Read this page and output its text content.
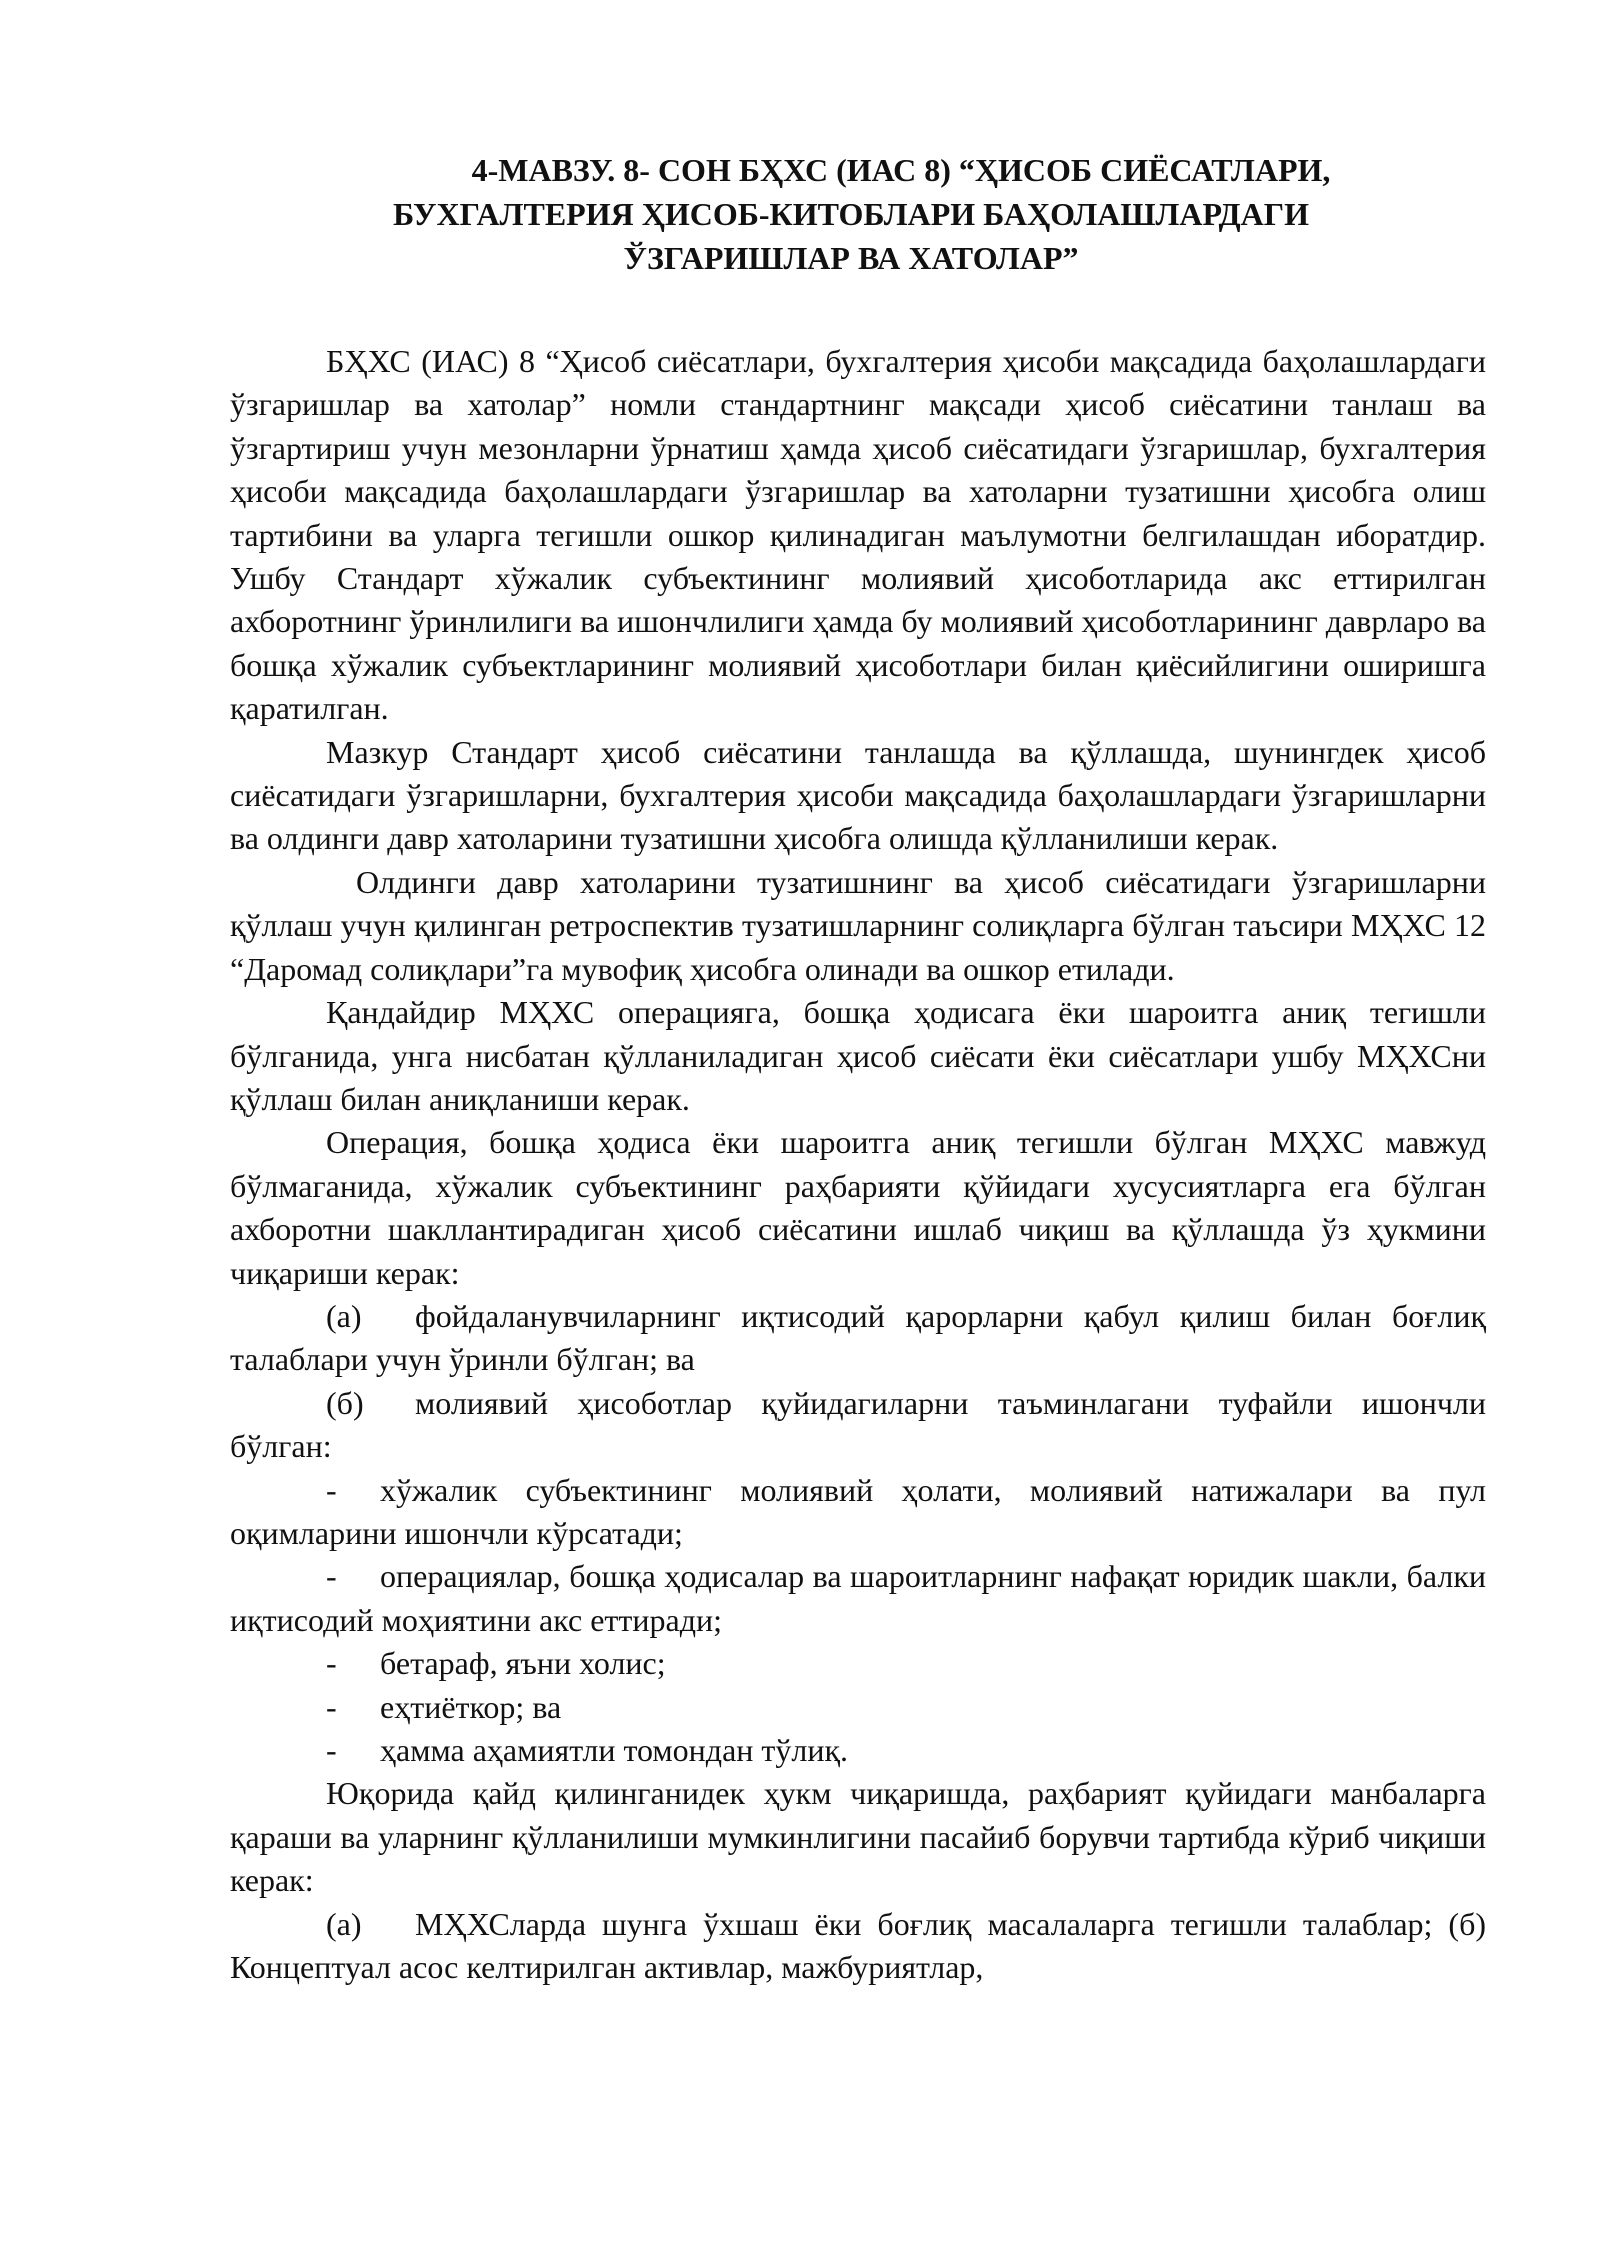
4-МАВЗУ. 8- СОН БҲХС (ИАС 8) “ҲИСОБ СИЁСАТЛАРИ,
БУХГАЛТЕРИЯ ҲИСОБ-КИТОБЛАРИ БАҲОЛАШЛАРДАГИ
ЎЗГАРИШЛАР ВА ХАТОЛАР”

БҲХС (ИАС) 8 “Ҳисоб сиёсатлари, бухгалтерия ҳисоби мақсадида баҳолашлардаги ўзгаришлар ва хатолар” номли стандартнинг мақсади ҳисоб сиёсатини танлаш ва ўзгартириш учун мезонларни ўрнатиш ҳамда ҳисоб сиёсатидаги ўзгаришлар, бухгалтерия ҳисоби мақсадида баҳолашлардаги ўзгаришлар ва хатоларни тузатишни ҳисобга олиш тартибини ва уларга тегишли ошкор қилинадиган маълумотни белгилашдан иборатдир. Ушбу Стандарт хўжалик субъектининг молиявий ҳисоботларида акс еттирилган ахборотнинг ўринлилиги ва ишончлилиги ҳамда бу молиявий ҳисоботларининг даврларо ва бошқа хўжалик субъектларининг молиявий ҳисоботлари билан қиёсийлигини оширишга қаратилган.

Мазкур Стандарт ҳисоб сиёсатини танлашда ва қўллашда, шунингдек ҳисоб сиёсатидаги ўзгаришларни, бухгалтерия ҳисоби мақсадида баҳолашлардаги ўзгаришларни ва олдинги давр хатоларини тузатишни ҳисобга олишда қўлланилиши керак.

Олдинги давр хатоларини тузатишнинг ва ҳисоб сиёсатидаги ўзгаришларни қўллаш учун қилинган ретроспектив тузатишларнинг солиқларга бўлган таъсири МҲХС 12 “Даромад солиқлари”га мувофиқ ҳисобга олинади ва ошкор етилади.

Қандайдир МҲХС операцияга, бошқа ҳодисага ёки шароитга аниқ тегишли бўлганида, унга нисбатан қўлланиладиган ҳисоб сиёсати ёки сиёсатлари ушбу МҲХСни қўллаш билан аниқланиши керак.

Операция, бошқа ҳодиса ёки шароитга аниқ тегишли бўлган МҲХС мавжуд бўлмаганида, хўжалик субъектининг раҳбарияти қўйидаги хусусиятларга ега бўлган ахборотни шакллантирадиган ҳисоб сиёсатини ишлаб чиқиш ва қўллашда ўз ҳукмини чиқариши керак:

(а) фойдаланувчиларнинг иқтисодий қарорларни қабул қилиш билан боғлиқ талаблари учун ўринли бўлган; ва

(б) молиявий ҳисоботлар қуйидагиларни таъминлагани туфайли ишончли бўлган:

- хўжалик субъектининг молиявий ҳолати, молиявий натижалари ва пул оқимларини ишончли кўрсатади;

- операциялар, бошқа ҳодисалар ва шароитларнинг нафақат юридик шакли, балки иқтисодий моҳиятини акс еттиради;

- бетараф, яъни холис;

- еҳтиёткор; ва

- ҳамма аҳамиятли томондан тўлиқ.

Юқорида қайд қилинганидек ҳукм чиқаришда, раҳбарият қуйидаги манбаларга қараши ва уларнинг қўлланилиши мумкинлигини пасайиб борувчи тартибда кўриб чиқиши керак:

(а) МҲХСларда шунга ўхшаш ёки боғлиқ масалаларга тегишли талаблар; (б) Концептуал асос келтирилган активлар, мажбуриятлар,
